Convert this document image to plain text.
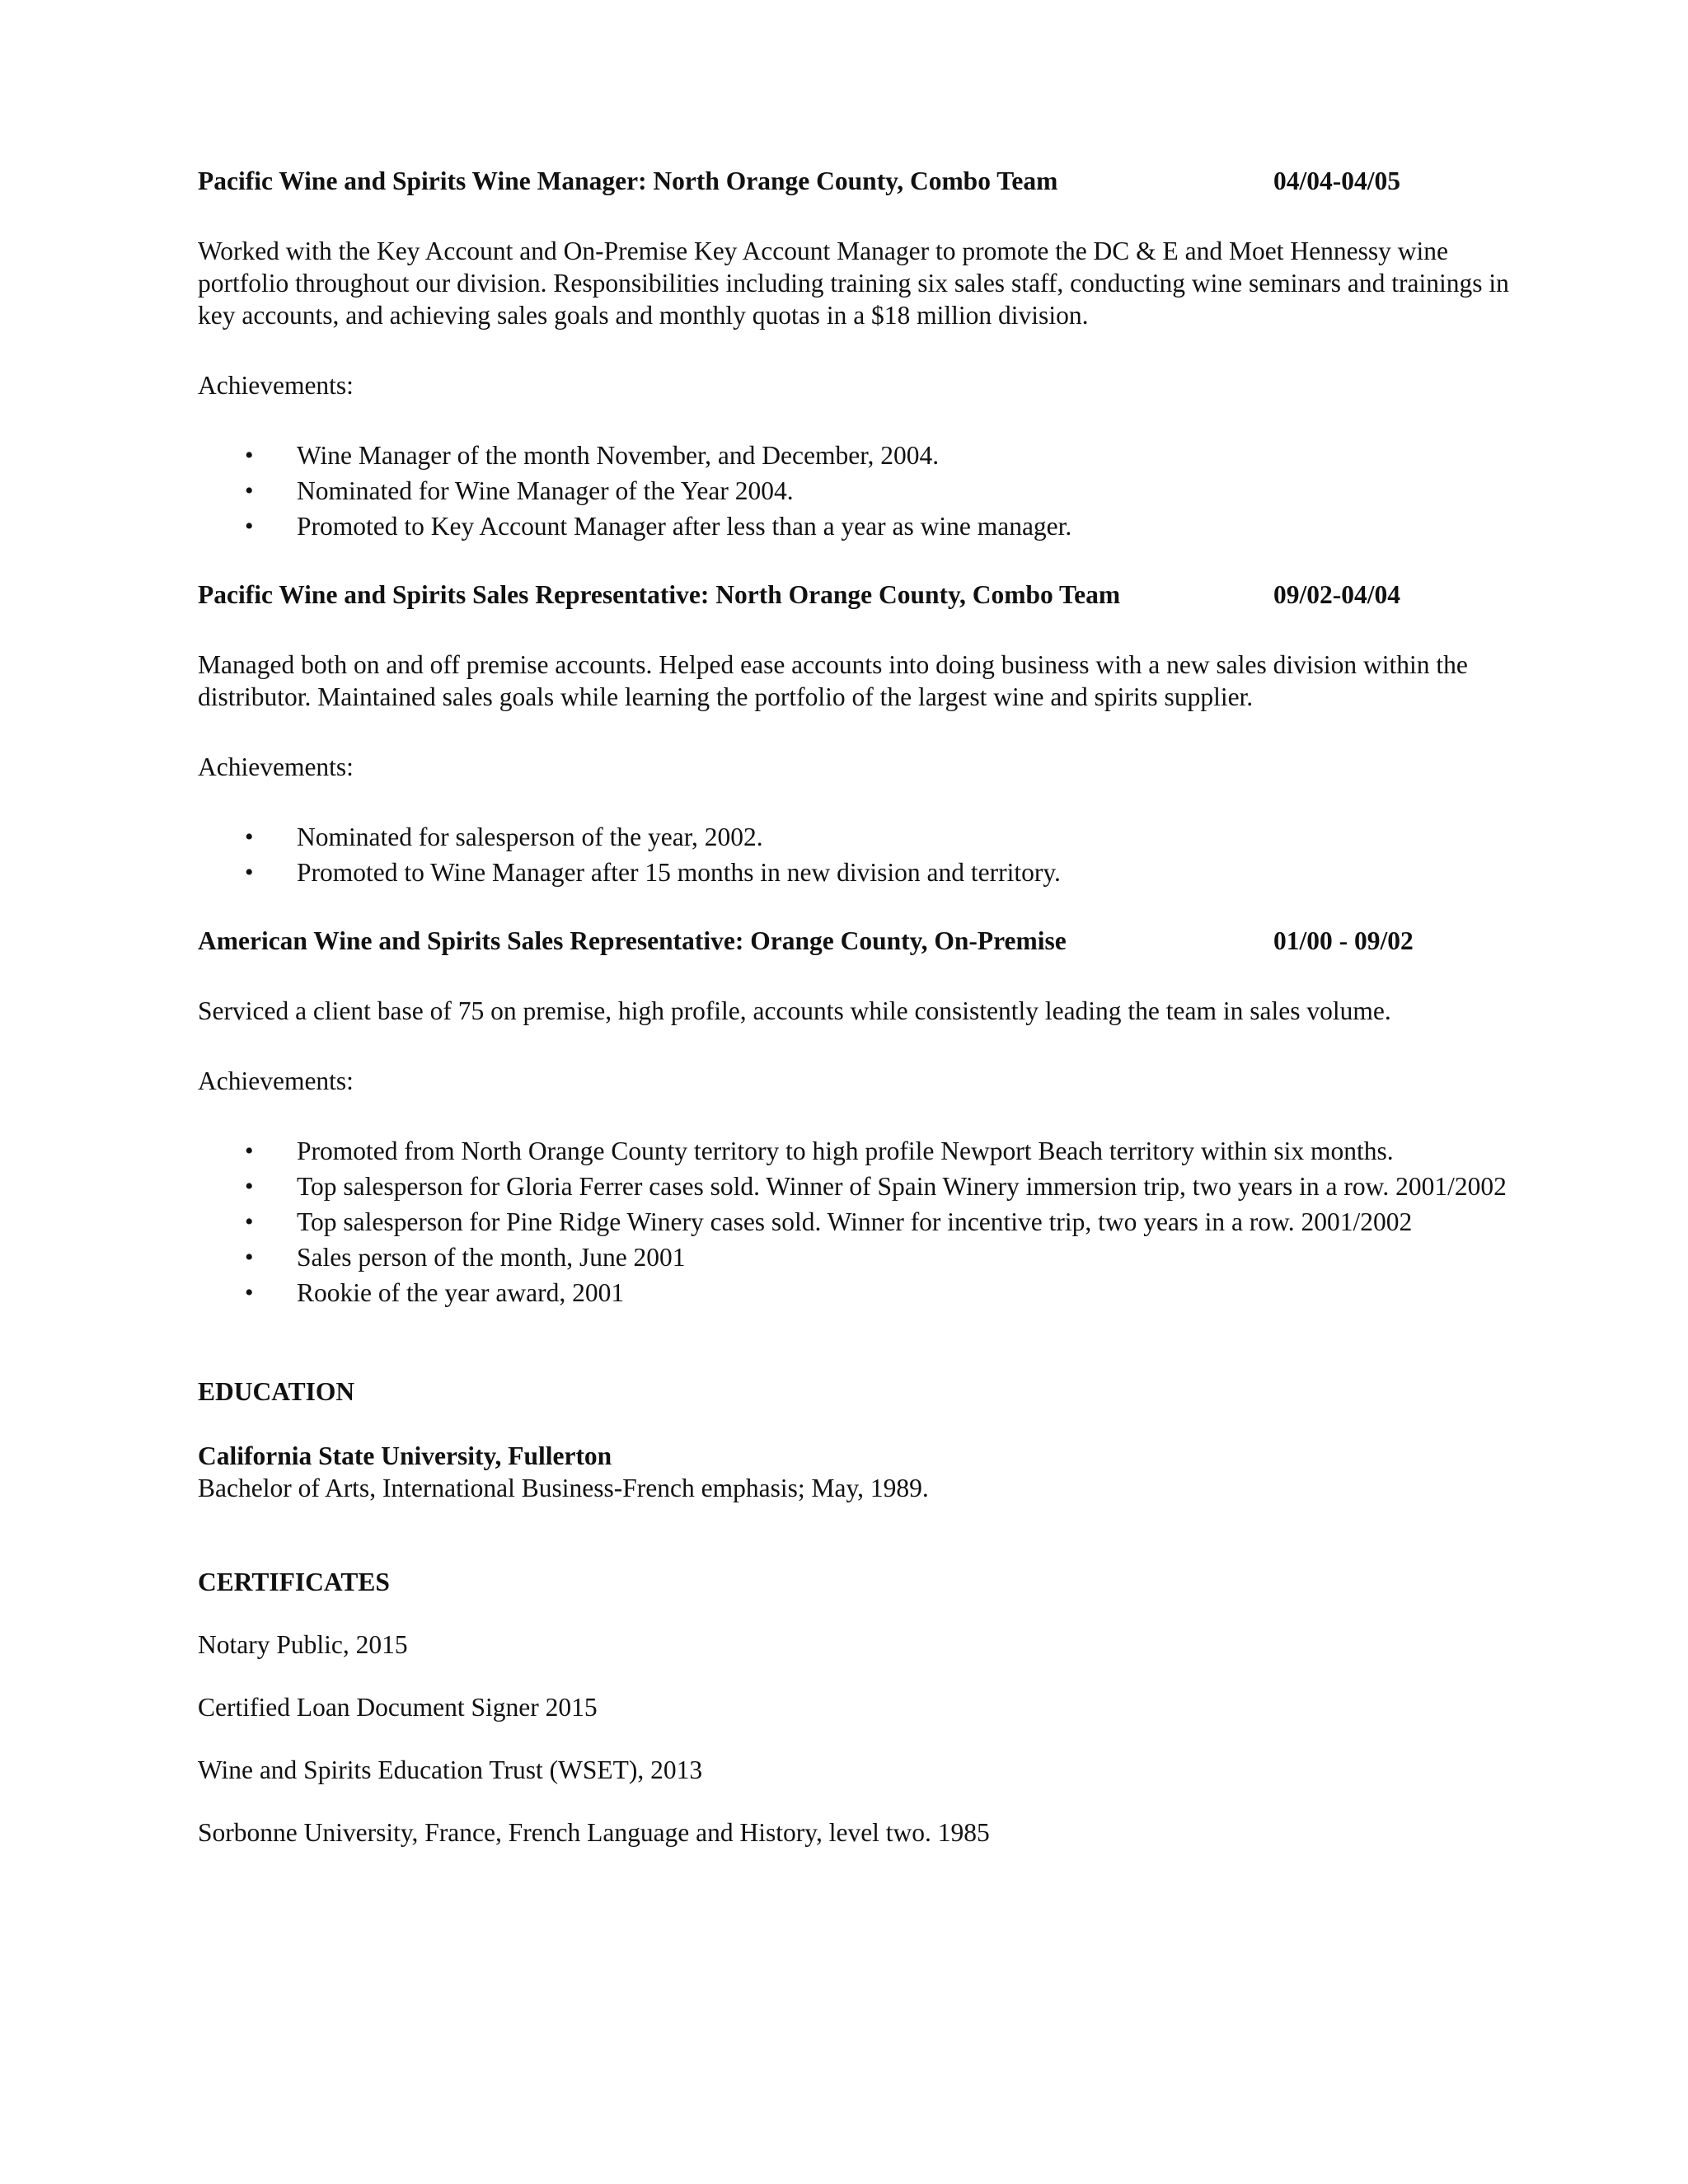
Pacific Wine and Spirits Wine Manager: North Orange County, Combo Team	04/04-04/05

Worked with the Key Account and On-Premise Key Account Manager to promote the DC & E and Moet Hennessy wine portfolio throughout our division. Responsibilities including training six sales staff, conducting wine seminars and trainings in key accounts, and achieving sales goals and monthly quotas in a $18 million division.

Achievements:

• Wine Manager of the month November, and December, 2004.
• Nominated for Wine Manager of the Year 2004.
• Promoted to Key Account Manager after less than a year as wine manager.
Pacific Wine and Spirits Sales Representative: North Orange County, Combo Team	09/02-04/04

Managed both on and off premise accounts. Helped ease accounts into doing business with a new sales division within the distributor. Maintained sales goals while learning the portfolio of the largest wine and spirits supplier.

Achievements:

• Nominated for salesperson of the year, 2002.
• Promoted to Wine Manager after 15 months in new division and territory.
American Wine and Spirits Sales Representative: Orange County, On-Premise	01/00 - 09/02

Serviced a client base of 75 on premise, high profile, accounts while consistently leading the team in sales volume.

Achievements:

• Promoted from North Orange County territory to high profile Newport Beach territory within six months.
• Top salesperson for Gloria Ferrer cases sold. Winner of Spain Winery immersion trip, two years in a row. 2001/2002
• Top salesperson for Pine Ridge Winery cases sold. Winner for incentive trip, two years in a row. 2001/2002
• Sales person of the month, June 2001
• Rookie of the year award, 2001

EDUCATION

California State University, Fullerton

Bachelor of Arts, International Business-French emphasis; May, 1989.

CERTIFICATES

Notary Public, 2015

Certified Loan Document Signer 2015

Wine and Spirits Education Trust (WSET), 2013

Sorbonne University, France, French Language and History, level two. 1985
